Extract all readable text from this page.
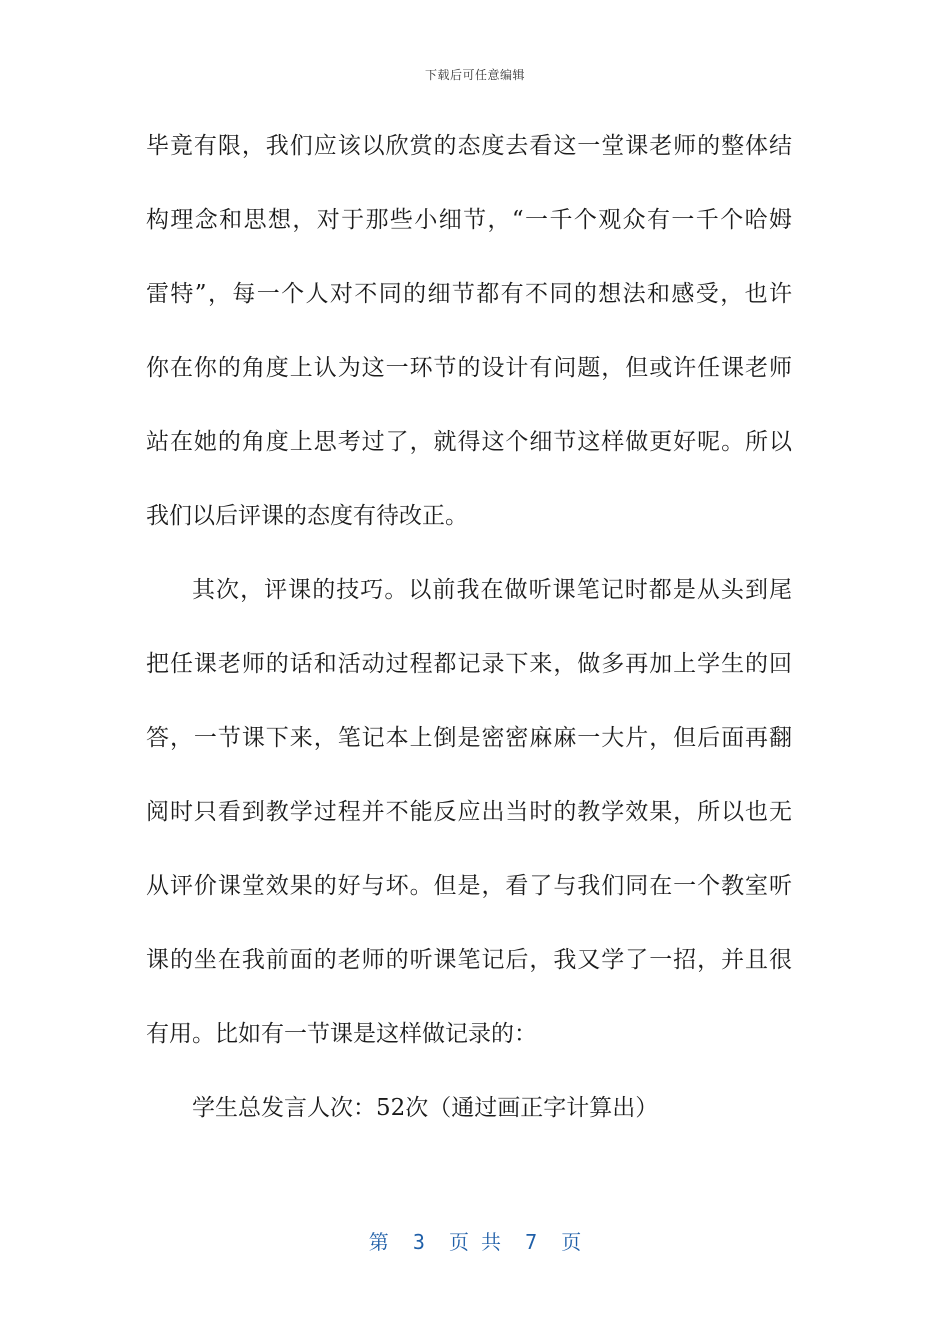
下载后可任意编辑
毕竟有限，我们应该以欣赏的态度去看这一堂课老师的整体结
构理念和思想，对于那些小细节，“一千个观众有一千个哈姆
雷特”，每一个人对不同的细节都有不同的想法和感受，也许
你在你的角度上认为这一环节的设计有问题，但或许任课老师
站在她的角度上思考过了，就得这个细节这样做更好呢。所以
我们以后评课的态度有待改正。
其次，评课的技巧。以前我在做听课笔记时都是从头到尾
把任课老师的话和活动过程都记录下来，做多再加上学生的回
答，一节课下来，笔记本上倒是密密麻麻一大片，但后面再翻
阅时只看到教学过程并不能反应出当时的教学效果，所以也无
从评价课堂效果的好与坏。但是，看了与我们同在一个教室听
课的坐在我前面的老师的听课笔记后，我又学了一招，并且很
有用。比如有一节课是这样做记录的：
学生总发言人次：52次（通过画正字计算出）
第  3  页 共  7  页
